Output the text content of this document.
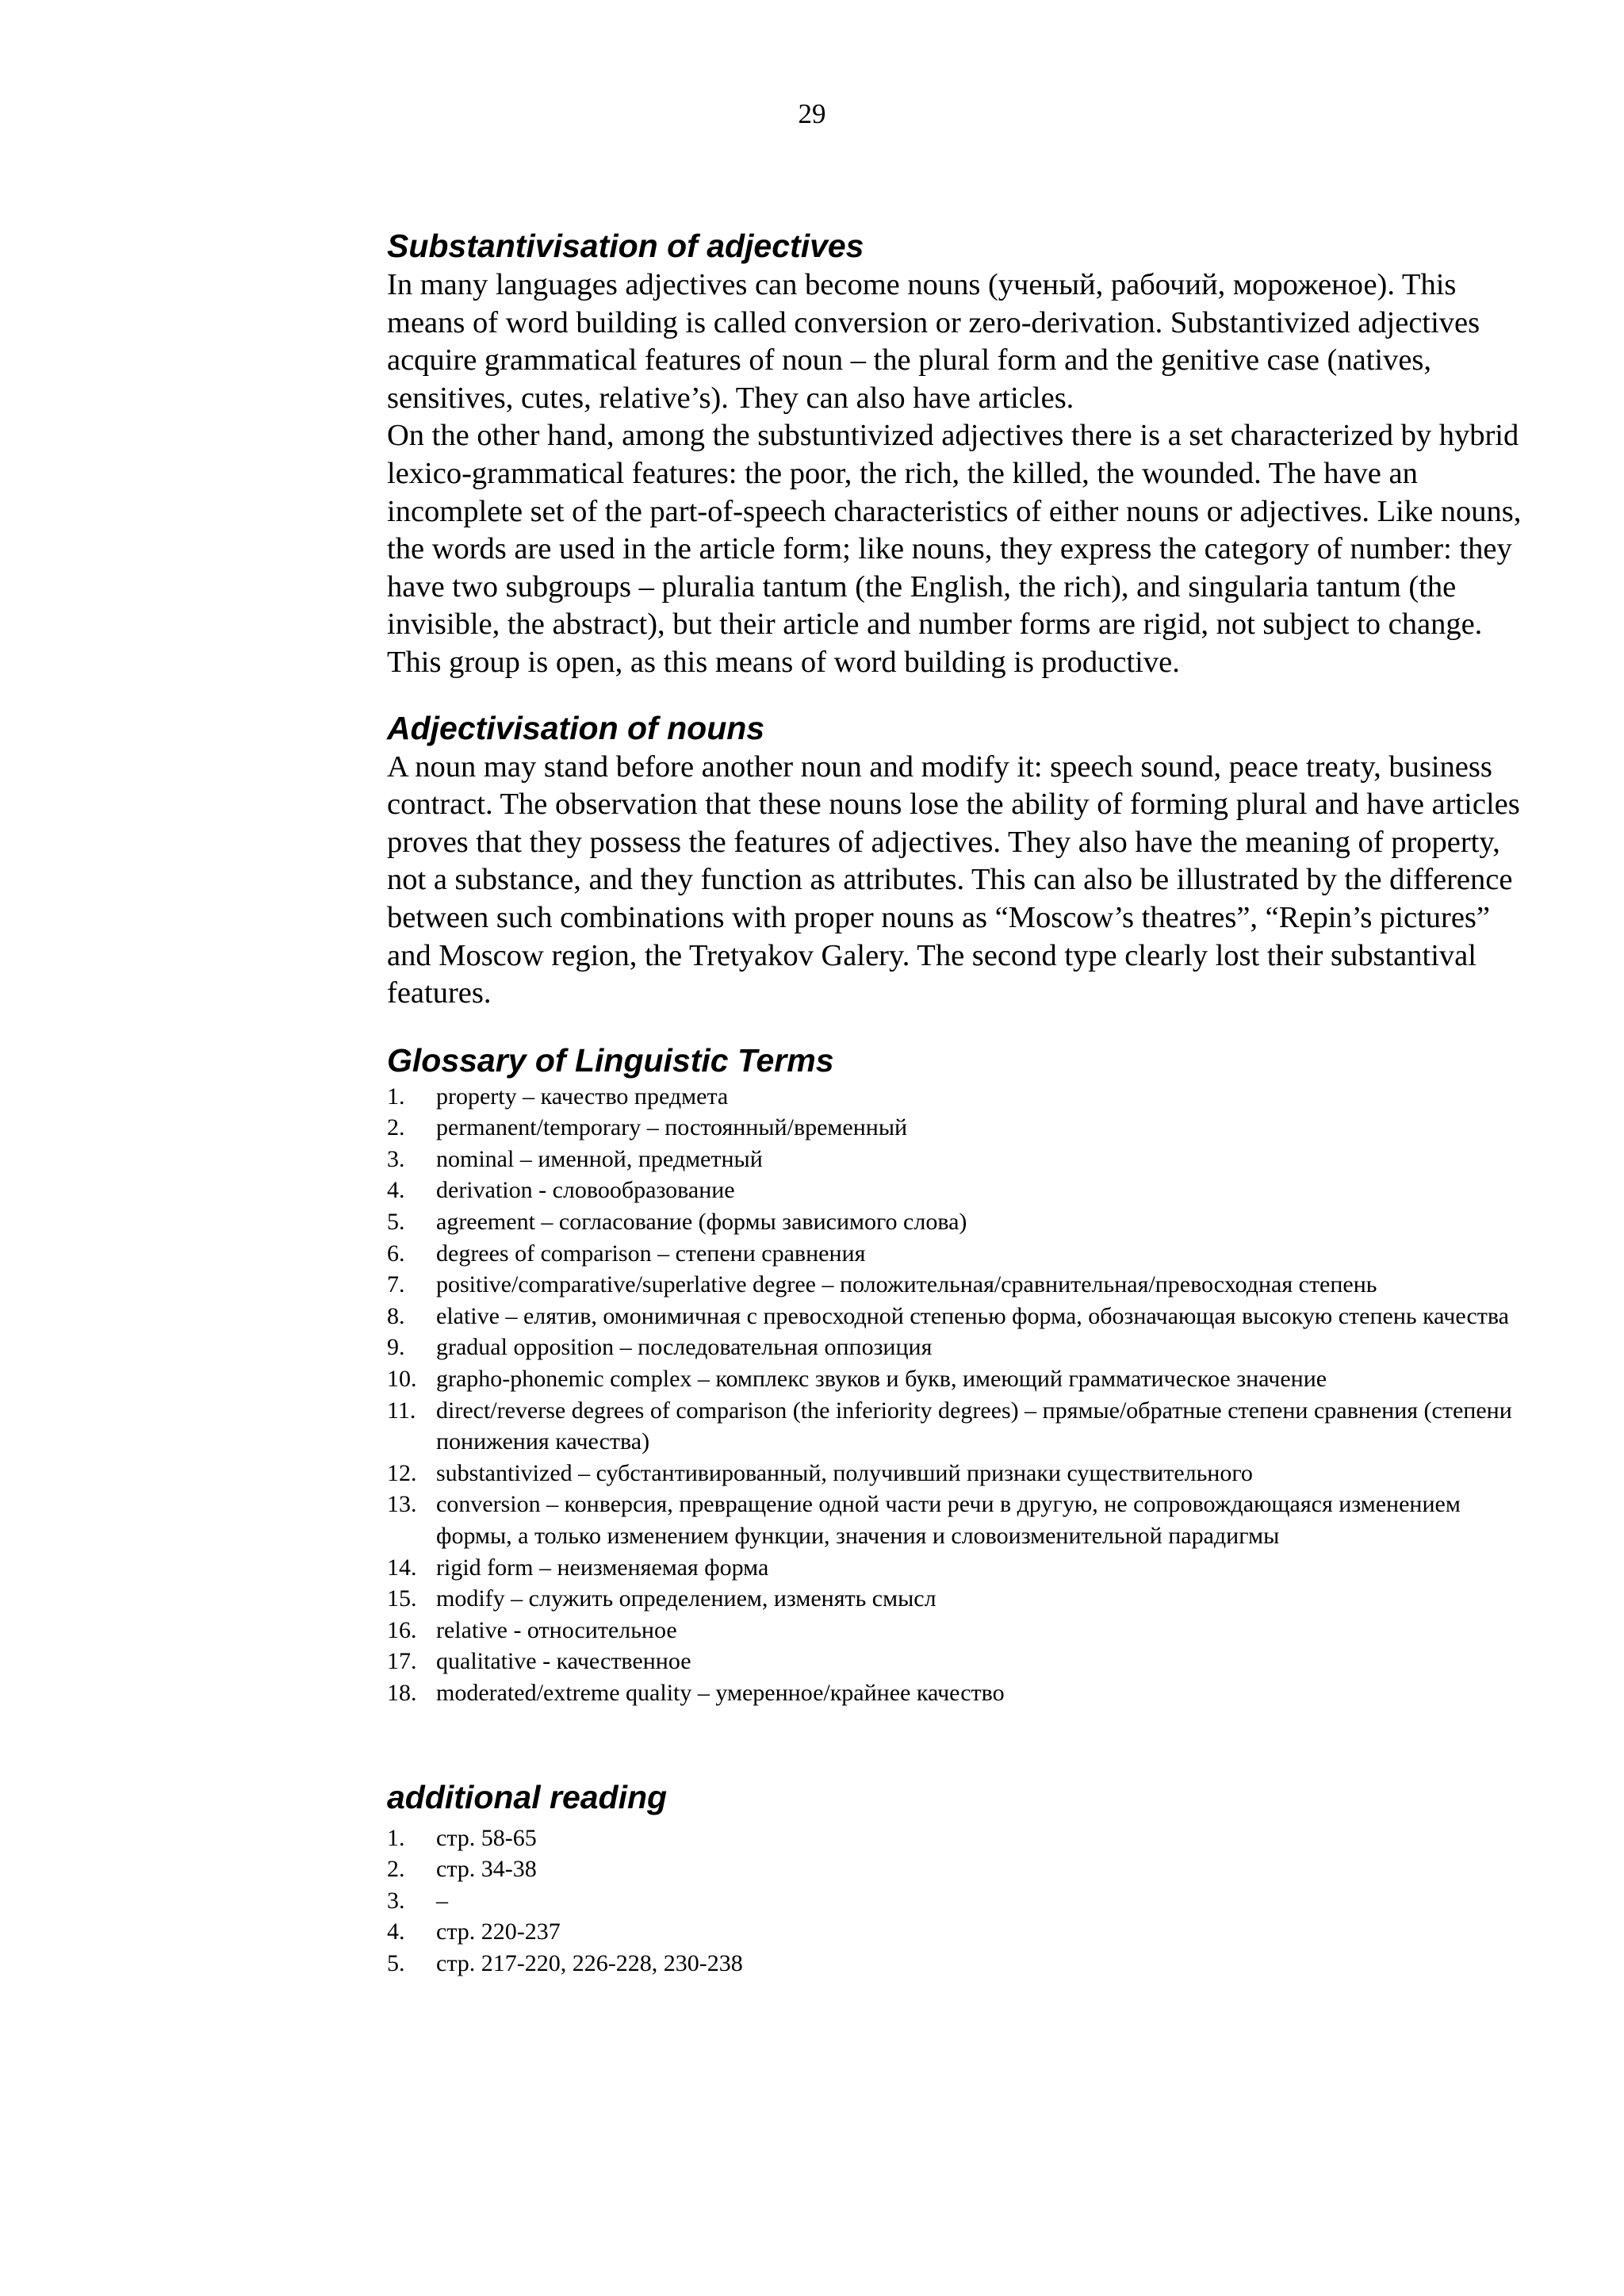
29
Substantivisation of adjectives

In many languages adjectives can become nouns (ученый, рабочий, мороженое). This means of word building is called conversion or zero-derivation. Substantivized adjectives acquire grammatical features of noun – the plural form and the genitive case (natives, sensitives, cutes, relative’s). They can also have articles.

On the other hand, among the substuntivized adjectives there is a set characterized by hybrid lexico-grammatical features: the poor, the rich, the killed, the wounded. The have an incomplete set of the part-of-speech characteristics of either nouns or adjectives. Like nouns, the words are used in the article form; like nouns, they express the category of number: they have two subgroups – pluralia tantum (the English, the rich), and singularia tantum (the invisible, the abstract), but their article and number forms are rigid, not subject to change. This group is open, as this means of word building is productive.

Adjectivisation of nouns

A noun may stand before another noun and modify it: speech sound, peace treaty, business contract. The observation that these nouns lose the ability of forming plural and have articles proves that they possess the features of adjectives. They also have the meaning of property, not a substance, and they function as attributes. This can also be illustrated by the difference between such combinations with proper nouns as “Moscow’s theatres”, “Repin’s pictures” and Moscow region, the Tretyakov Galery. The second type clearly lost their substantival features.

Glossary of Linguistic Terms
1. property – качество предмета
2. permanent/temporary – постоянный/временный
3. nominal – именной, предметный
4. derivation - словообразование
5. agreement – согласование (формы зависимого слова)
6. degrees of comparison – степени сравнения
7. positive/comparative/superlative degree – положительная/сравнительная/превосходная степень
8. elative – елятив, омонимичная с превосходной степенью форма, обозначающая высокую степень качества
9. gradual opposition – последовательная оппозиция
10. grapho-phonemic complex – комплекс звуков и букв, имеющий грамматическое значение
11. direct/reverse degrees of comparison (the inferiority degrees) – прямые/обратные степени сравнения (степени понижения качества)
12. substantivized – субстантивированный, получивший признаки существительного
13. conversion – конверсия, превращение одной части речи в другую, не сопровождающаяся изменением формы, а только изменением функции, значения и словоизменительной парадигмы
14. rigid form – неизменяемая форма
15. modify – служить определением, изменять смысл
16. relative - относительное
17. qualitative - качественное
18. moderated/extreme quality – умеренное/крайнее качество
additional reading
1. стр. 58-65
2. стр. 34-38
3. –
4. стр. 220-237
5. стр. 217-220, 226-228, 230-238
